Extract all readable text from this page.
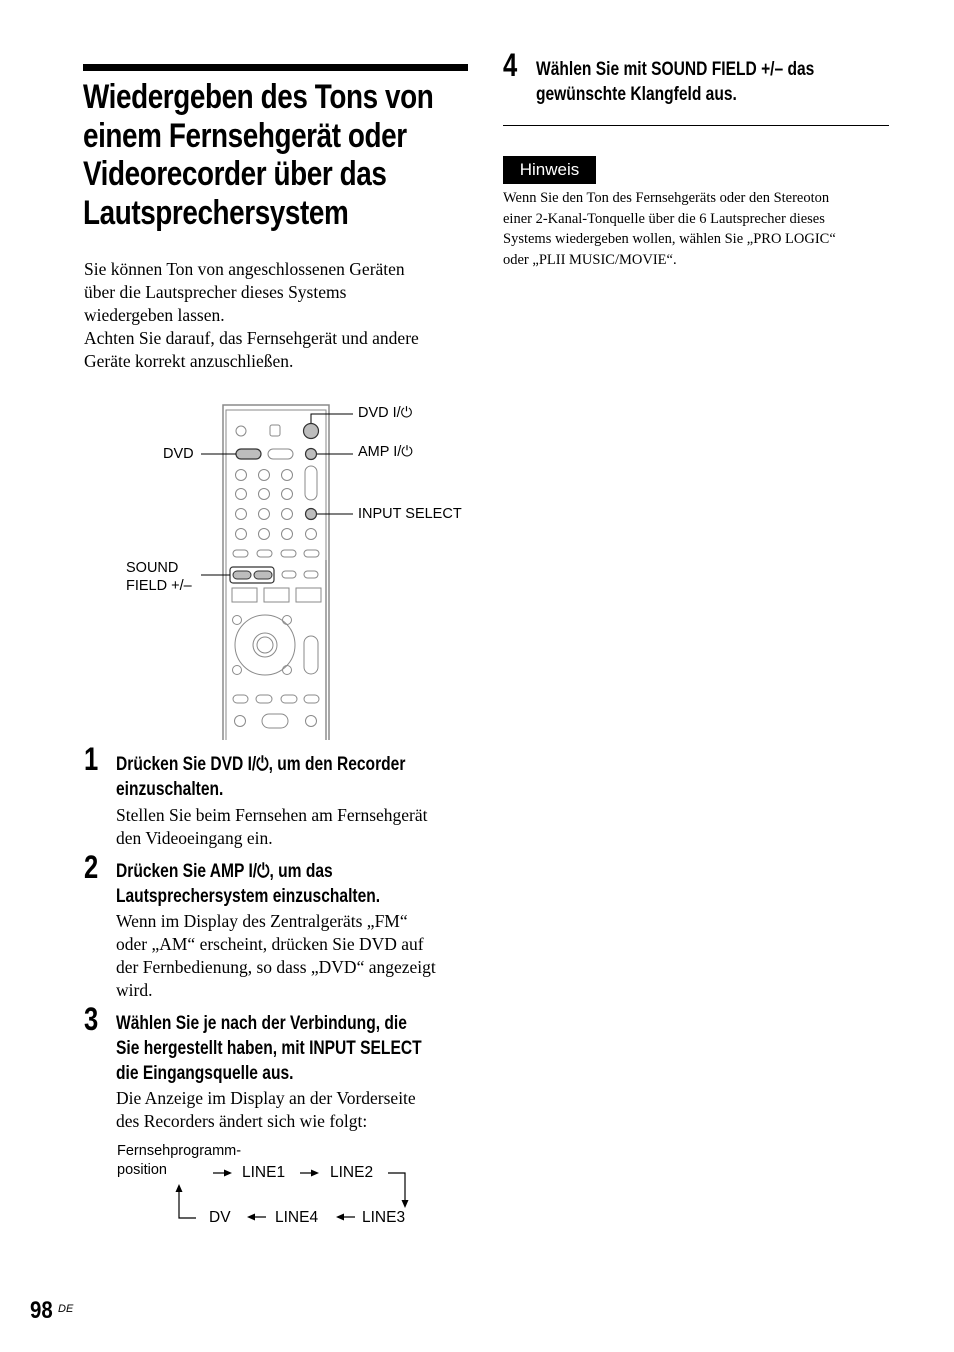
Wiedergeben des Tons von
einem Fernsehgerät oder
Videorecorder über das
Lautsprechersystem

Sie können Ton von angeschlossenen Geräten
über die Lautsprecher dieses Systems
wiedergeben lassen.

Achten Sie darauf, das Fernsehgerät und andere
Geräte korrekt anzuschließen.

DVD I/⏻
AMP I/⏻
INPUT SELECT
DVD
SOUND
FIELD +/–
1 Drücken Sie DVD I/⏻, um den Recorder
einzuschalten.
Stellen Sie beim Fernsehen am Fernsehgerät
den Videoeingang ein.
2 Drücken Sie AMP I/⏻, um das
Lautsprechersystem einzuschalten.
Wenn im Display des Zentralgeräts „FM“
oder „AM“ erscheint, drücken Sie DVD auf
der Fernbedienung, so dass „DVD“ angezeigt
wird.
3 Wählen Sie je nach der Verbindung, die
Sie hergestellt haben, mit INPUT SELECT
die Eingangsquelle aus.
Die Anzeige im Display an der Vorderseite
des Recorders ändert sich wie folgt:
Fernsehprogramm-
position	LINE1	LINE2
LINE3
LINE4
DV
4 Wählen Sie mit SOUND FIELD +/– das
gewünschte Klangfeld aus.
Hinweis
Wenn Sie den Ton des Fernsehgeräts oder den Stereoton
einer 2-Kanal-Tonquelle über die 6 Lautsprecher dieses
Systems wiedergeben wollen, wählen Sie „PRO LOGIC“
oder „PLII MUSIC/MOVIE“.
98 DE
